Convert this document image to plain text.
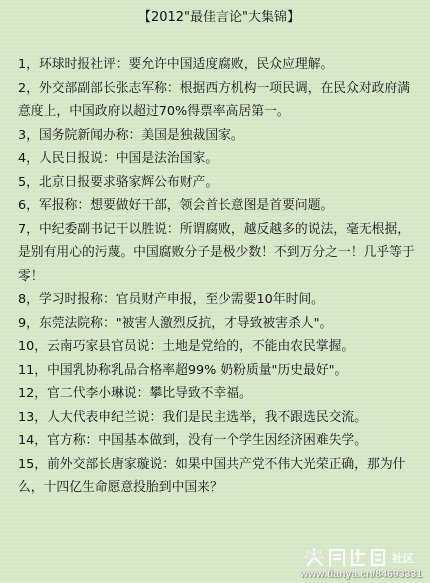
【2012"最佳言论"大集锦】
1，环球时报社评：要允许中国适度腐败，民众应理解。
2，外交部副部长张志军称：根据西方机构一项民调，在民众对政府满意度上，中国政府以超过70%得票率高居第一。
3，国务院新闻办称：美国是独裁国家。
4，人民日报说：中国是法治国家。
5，北京日报要求骆家辉公布财产。
6，军报称：想要做好干部，领会首长意图是首要问题。
7，中纪委副书记干以胜说：所谓腐败，越反越多的说法，毫无根据，是别有用心的污蔑。中国腐败分子是极少数！不到万分之一！几乎等于零！
8，学习时报称：官员财产申报，至少需要10年时间。
9，东莞法院称："被害人激烈反抗，才导致被害杀人"。
10，云南巧家县官员说：土地是党给的，不能由农民掌握。
11，中国乳协称乳品合格率超99% 奶粉质量"历史最好"。
12，官二代李小琳说：攀比导致不幸福。
13，人大代表申纪兰说：我们是民主选举，我不跟选民交流。
14，官方称：中国基本做到，没有一个学生因经济困难失学。
15，前外交部长唐家璇说：如果中国共产党不伟大光荣正确，那为什么，十四亿生命愿意投胎到中国来？
社区
www.tianya.cn/84693331
